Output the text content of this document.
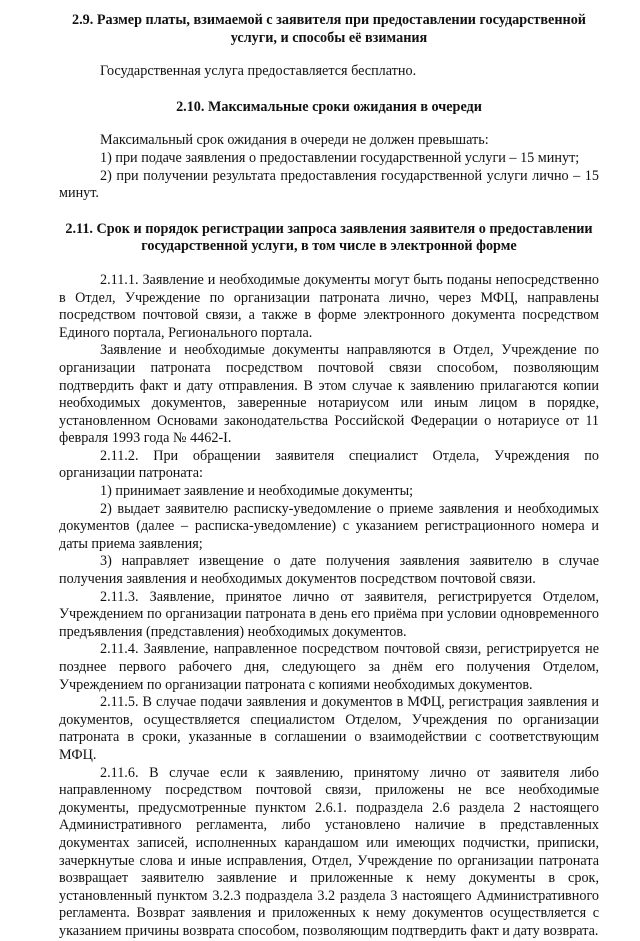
2.9. Размер платы, взимаемой с заявителя при предоставлении государственной услуги, и способы её взимания

Государственная услуга предоставляется бесплатно.

2.10. Максимальные сроки ожидания в очереди

Максимальный срок ожидания в очереди не должен превышать:

1) при подаче заявления о предоставлении государственной услуги – 15 минут;

2) при получении результата предоставления государственной услуги лично – 15 минут.

2.11. Срок и порядок регистрации запроса заявления заявителя о предоставлении государственной услуги, в том числе в электронной форме

2.11.1. Заявление и необходимые документы могут быть поданы непосредственно в Отдел, Учреждение по организации патроната лично, через МФЦ, направлены посредством почтовой связи, а также в форме электронного документа посредством Единого портала, Регионального портала.

Заявление и необходимые документы направляются в Отдел, Учреждение по организации патроната посредством почтовой связи способом, позволяющим подтвердить факт и дату отправления. В этом случае к заявлению прилагаются копии необходимых документов, заверенные нотариусом или иным лицом в порядке, установленном Основами законодательства Российской Федерации о нотариусе от 11 февраля 1993 года № 4462-I.

2.11.2. При обращении заявителя специалист Отдела, Учреждения по организации патроната:

1) принимает заявление и необходимые документы;

2) выдает заявителю расписку-уведомление о приеме заявления и необходимых документов (далее – расписка-уведомление) с указанием регистрационного номера и даты приема заявления;

3) направляет извещение о дате получения заявления заявителю в случае получения заявления и необходимых документов посредством почтовой связи.

2.11.3. Заявление, принятое лично от заявителя, регистрируется Отделом, Учреждением по организации патроната в день его приёма при условии одновременного предъявления (представления) необходимых документов.

2.11.4. Заявление, направленное посредством почтовой связи, регистрируется не позднее первого рабочего дня, следующего за днём его получения Отделом, Учреждением по организации патроната с копиями необходимых документов.

2.11.5. В случае подачи заявления и документов в МФЦ, регистрация заявления и документов, осуществляется специалистом Отделом, Учреждения по организации патроната в сроки, указанные в соглашении о взаимодействии с соответствующим МФЦ.

2.11.6. В случае если к заявлению, принятому лично от заявителя либо направленному посредством почтовой связи, приложены не все необходимые документы, предусмотренные пунктом 2.6.1. подраздела 2.6 раздела 2 настоящего Административного регламента, либо установлено наличие в представленных документах записей, исполненных карандашом или имеющих подчистки, приписки, зачеркнутые слова и иные исправления, Отдел, Учреждение по организации патроната возвращает заявителю заявление и приложенные к нему документы в срок, установленный пунктом 3.2.3 подраздела 3.2 раздела 3 настоящего Административного регламента. Возврат заявления и приложенных к нему документов осуществляется с указанием причины возврата способом, позволяющим подтвердить факт и дату возврата.
